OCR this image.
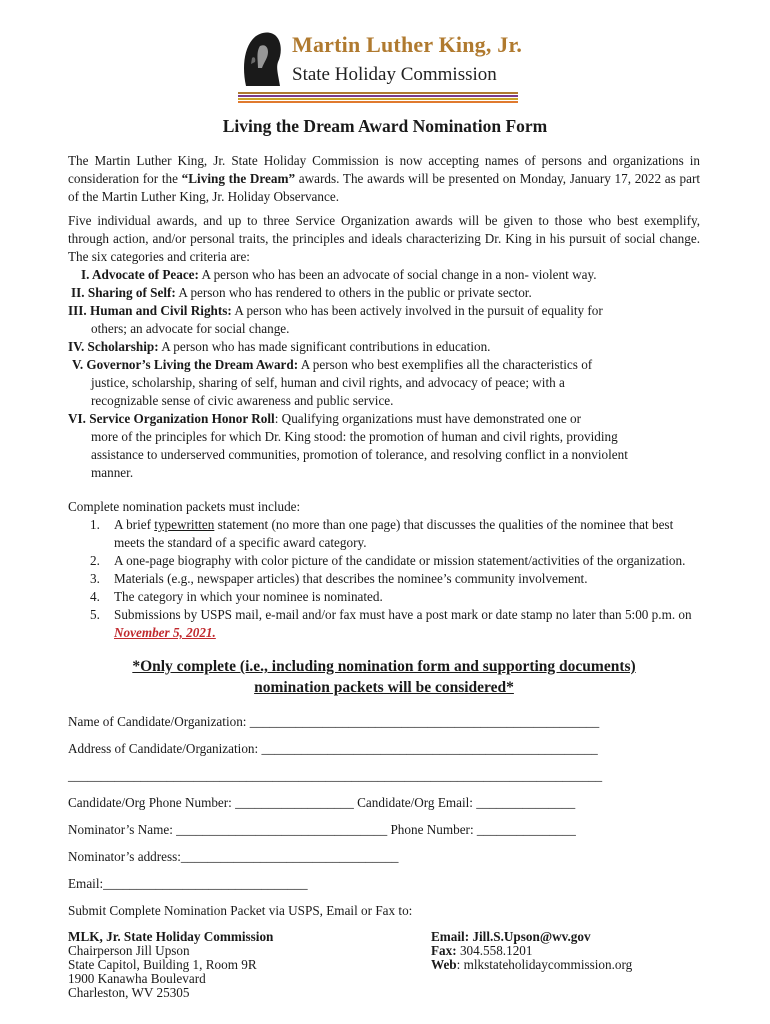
Martin Luther King, Jr.
State Holiday Commission
Living the Dream Award Nomination Form

The Martin Luther King, Jr. State Holiday Commission is now accepting names of persons and organizations in consideration for the “Living the Dream” awards. The awards will be presented on Monday, January 17, 2022 as part of the Martin Luther King, Jr. Holiday Observance.

Five individual awards, and up to three Service Organization awards will be given to those who best exemplify, through action, and/or personal traits, the principles and ideals characterizing Dr. King in his pursuit of social change. The six categories and criteria are:

I. Advocate of Peace: A person who has been an advocate of social change in a non- violent way.
II. Sharing of Self: A person who has rendered to others in the public or private sector.
III. Human and Civil Rights: A person who has been actively involved in the pursuit of equality for
others; an advocate for social change.
IV. Scholarship: A person who has made significant contributions in education.
V. Governor’s Living the Dream Award: A person who best exemplifies all the characteristics of
justice, scholarship, sharing of self, human and civil rights, and advocacy of peace; with a
recognizable sense of civic awareness and public service.
VI. Service Organization Honor Roll: Qualifying organizations must have demonstrated one or
more of the principles for which Dr. King stood: the promotion of human and civil rights, providing
assistance to underserved communities, promotion of tolerance, and resolving conflict in a nonviolent
manner.
Complete nomination packets must include:
1. A brief typewritten statement (no more than one page) that discusses the qualities of the nominee that best meets the standard of a specific award category.
2. A one-page biography with color picture of the candidate or mission statement/activities of the organization.
3. Materials (e.g., newspaper articles) that describes the nominee’s community involvement.
4. The category in which your nominee is nominated.
5. Submissions by USPS mail, e-mail and/or fax must have a post mark or date stamp no later than 5:00 p.m. on November 5, 2021.
*Only complete (i.e., including nomination form and supporting documents)
nomination packets will be considered*
Name of Candidate/Organization: _____________________________________________________
Address of Candidate/Organization: ___________________________________________________
_________________________________________________________________________________
Candidate/Org Phone Number: __________________ Candidate/Org Email: _______________
Nominator’s Name: ________________________________ Phone Number: _______________
Nominator’s address:_________________________________
Email:_______________________________
Submit Complete Nomination Packet via USPS, Email or Fax to:
MLK, Jr. State Holiday Commission
Chairperson Jill Upson
State Capitol, Building 1, Room 9R
1900 Kanawha Boulevard
Charleston, WV 25305
Email: Jill.S.Upson@wv.gov
Fax: 304.558.1201
Web: mlkstateholidaycommission.org
